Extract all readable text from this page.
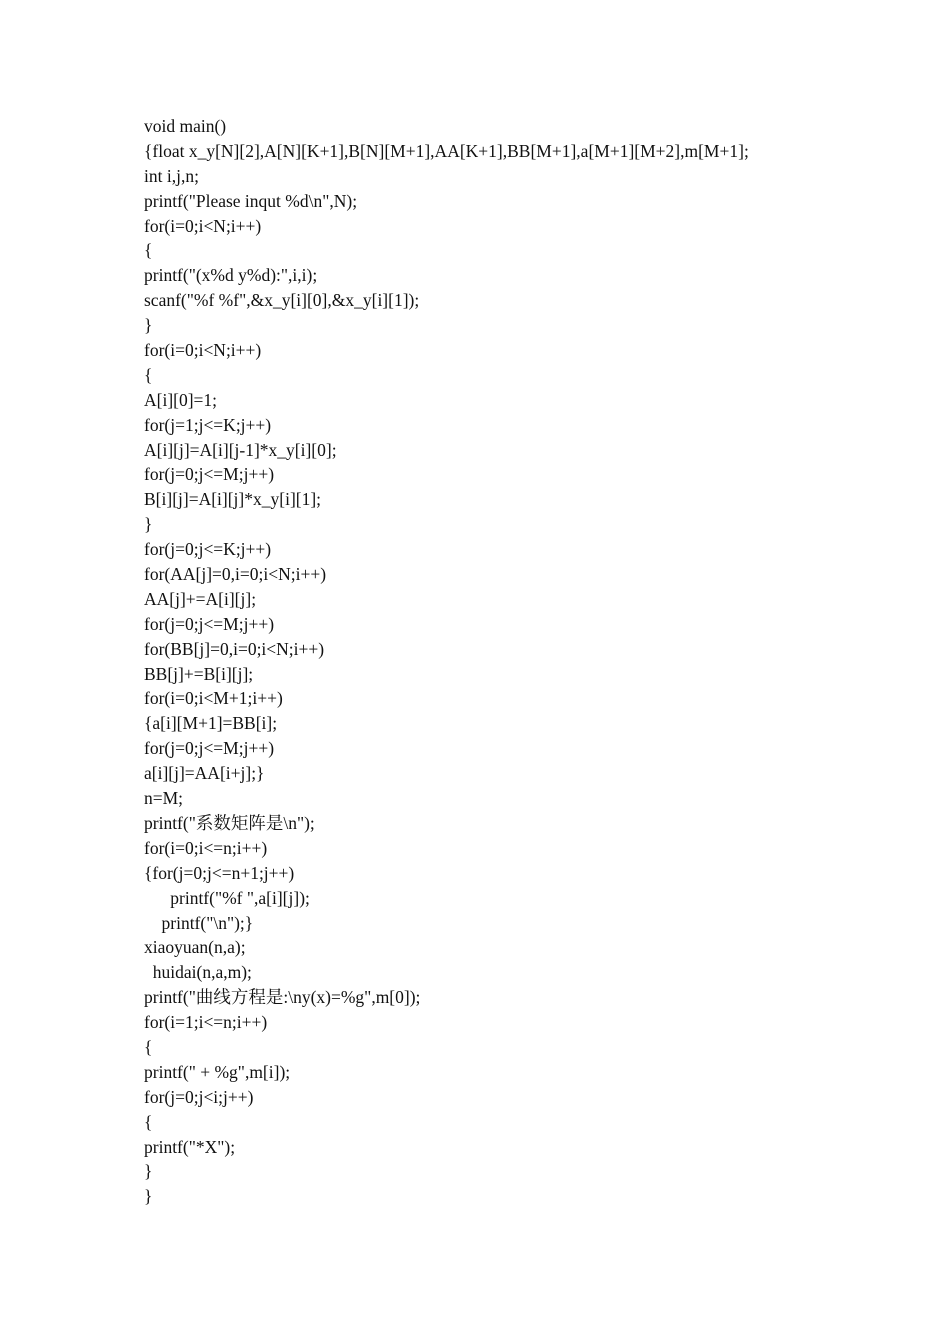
void main()
{float x_y[N][2],A[N][K+1],B[N][M+1],AA[K+1],BB[M+1],a[M+1][M+2],m[M+1];
int i,j,n;
printf("Please inqut %d\n",N);
for(i=0;i<N;i++)
{
printf("(x%d y%d):",i,i);
scanf("%f %f",&x_y[i][0],&x_y[i][1]);
}
for(i=0;i<N;i++)
{
A[i][0]=1;
for(j=1;j<=K;j++)
A[i][j]=A[i][j-1]*x_y[i][0];
for(j=0;j<=M;j++)
B[i][j]=A[i][j]*x_y[i][1];
}
for(j=0;j<=K;j++)
for(AA[j]=0,i=0;i<N;i++)
AA[j]+=A[i][j];
for(j=0;j<=M;j++)
for(BB[j]=0,i=0;i<N;i++)
BB[j]+=B[i][j];
for(i=0;i<M+1;i++)
{a[i][M+1]=BB[i];
for(j=0;j<=M;j++)
a[i][j]=AA[i+j];}
n=M;
printf("系数矩阵是\n");
for(i=0;i<=n;i++)
{for(j=0;j<=n+1;j++)
printf("%f ",a[i][j]);
printf("\n");}
xiaoyuan(n,a);
huidai(n,a,m);
printf("曲线方程是:\ny(x)=%g",m[0]);
for(i=1;i<=n;i++)
{
printf(" + %g",m[i]);
for(j=0;j<i;j++)
{
printf("*X");
}
}
